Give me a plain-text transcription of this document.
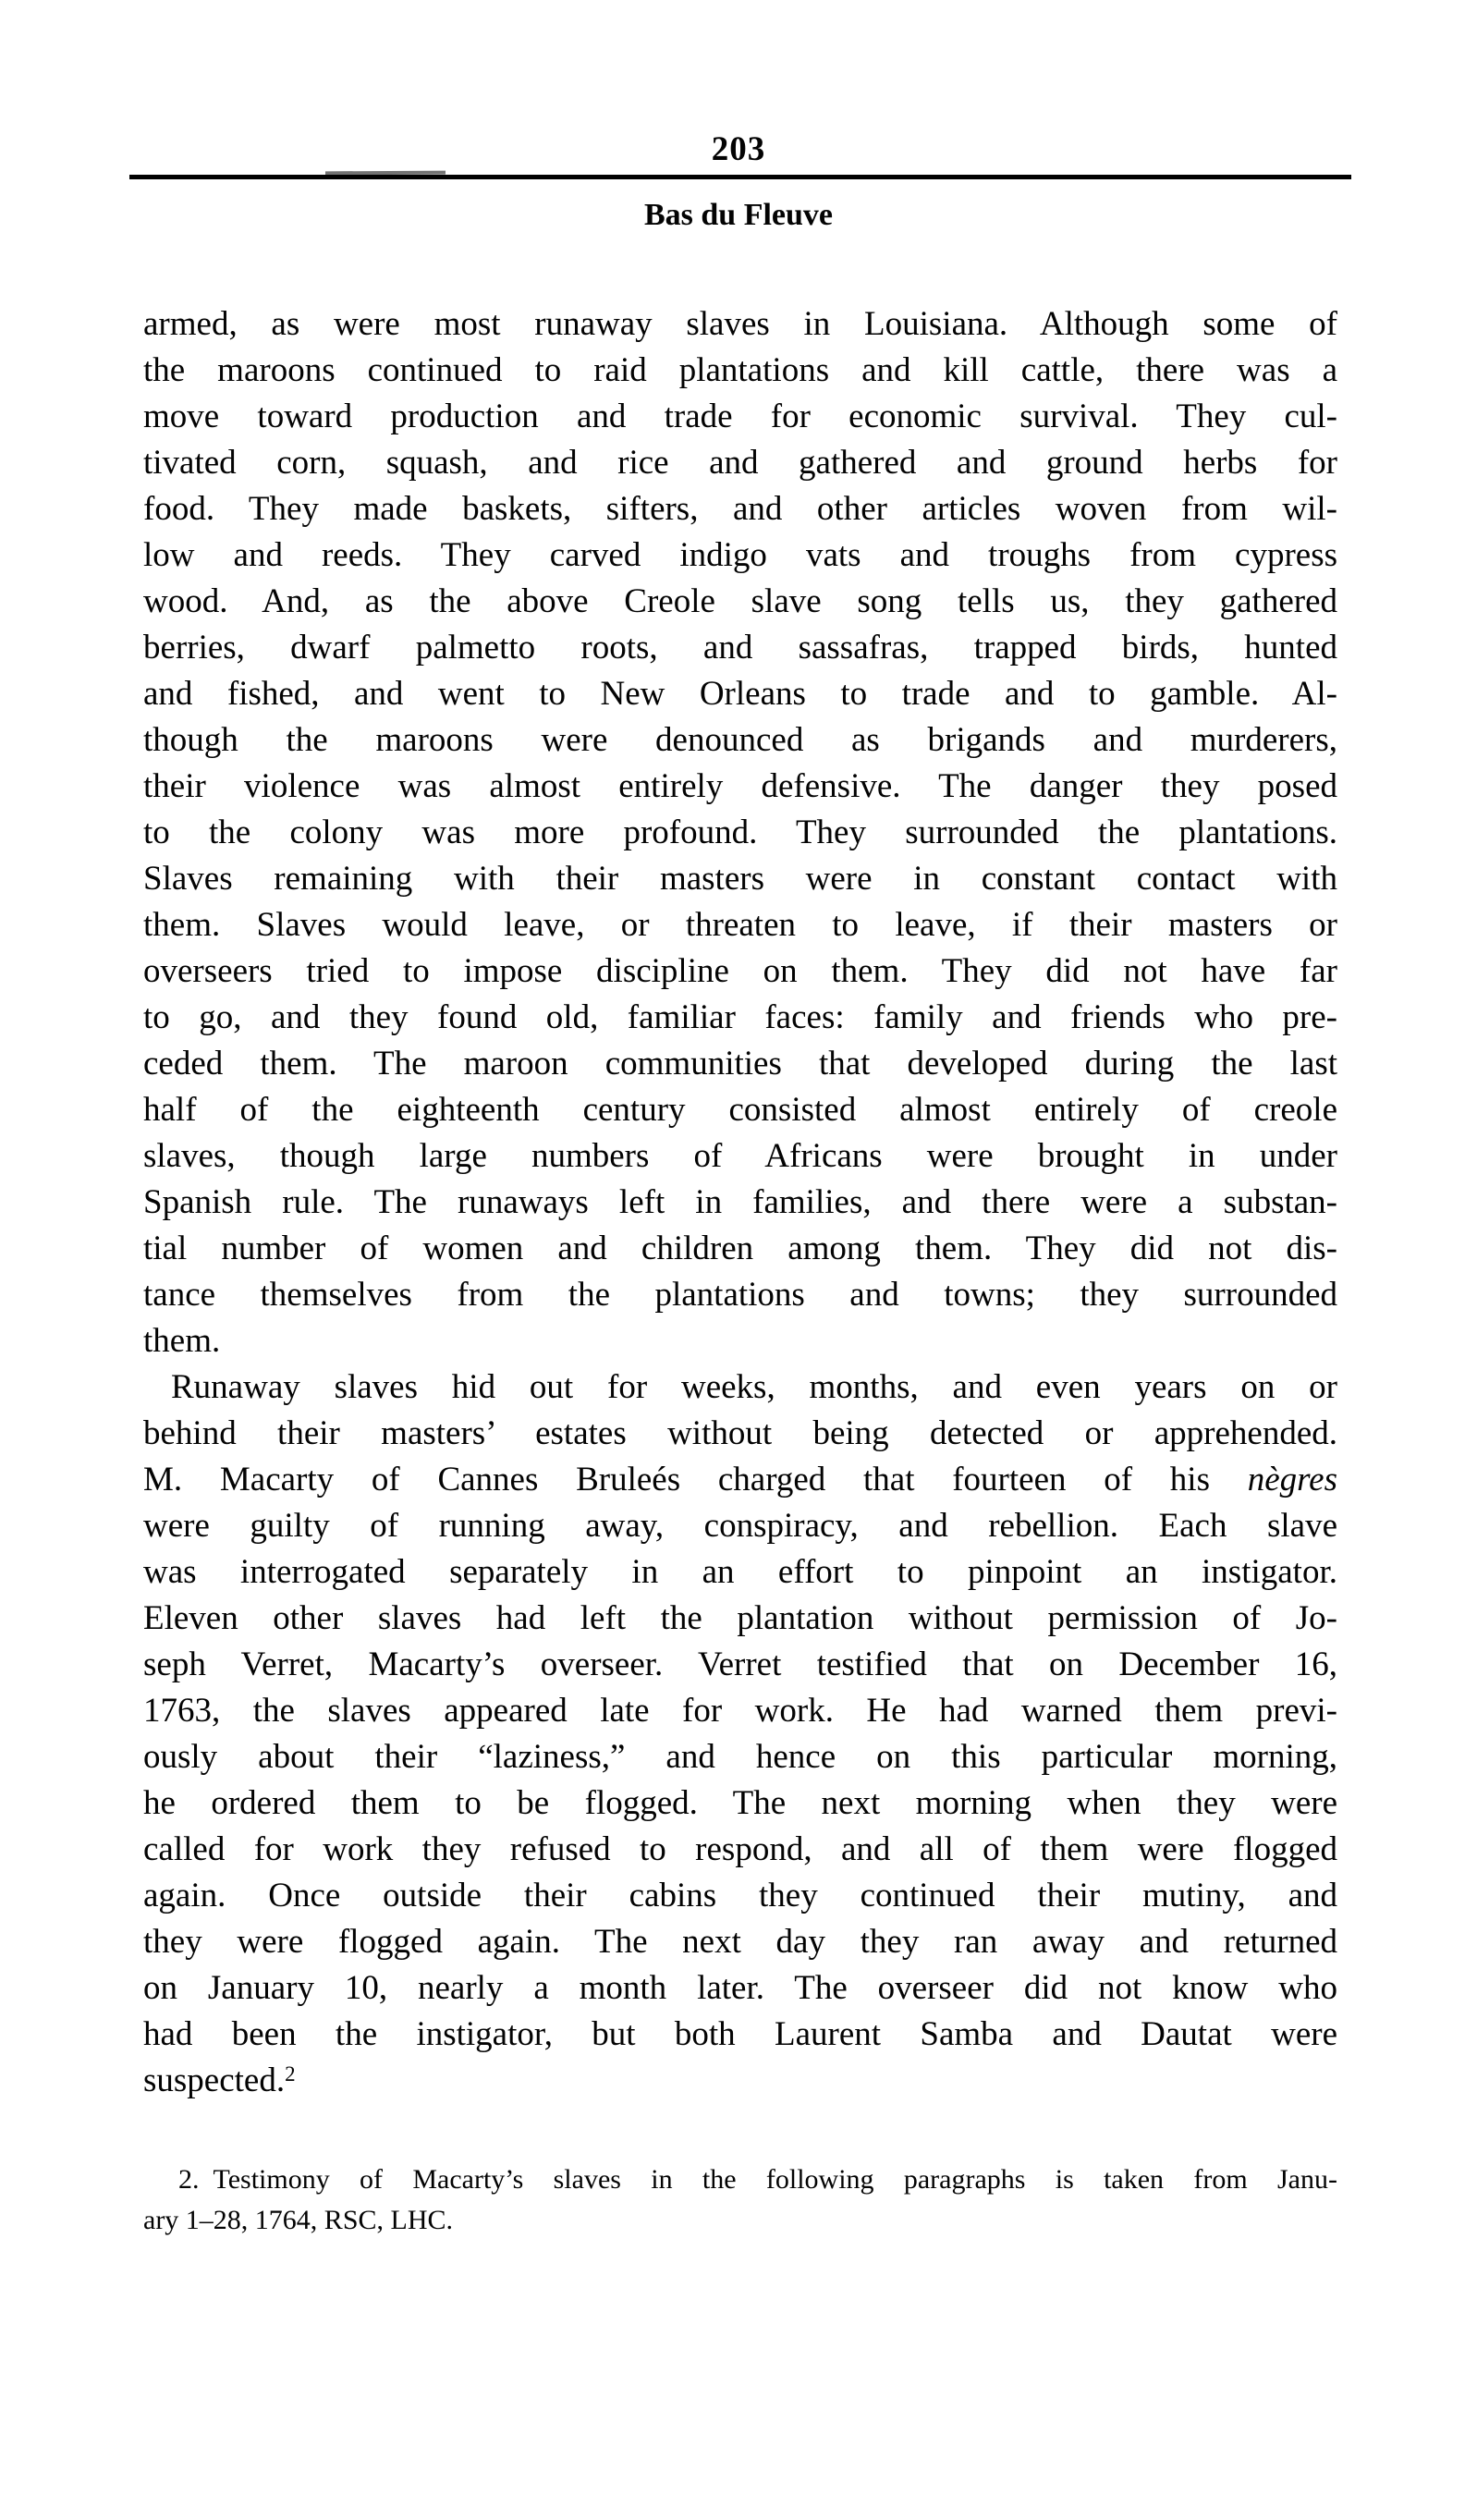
203
Bas du Fleuve
armed, as were most runaway slaves in Louisiana. Although some of
the maroons continued to raid plantations and kill cattle, there was a
move toward production and trade for economic survival. They cul-
tivated corn, squash, and rice and gathered and ground herbs for
food. They made baskets, sifters, and other articles woven from wil-
low and reeds. They carved indigo vats and troughs from cypress
wood. And, as the above Creole slave song tells us, they gathered
berries, dwarf palmetto roots, and sassafras, trapped birds, hunted
and fished, and went to New Orleans to trade and to gamble. Al-
though the maroons were denounced as brigands and murderers,
their violence was almost entirely defensive. The danger they posed
to the colony was more profound. They surrounded the plantations.
Slaves remaining with their masters were in constant contact with
them. Slaves would leave, or threaten to leave, if their masters or
overseers tried to impose discipline on them. They did not have far
to go, and they found old, familiar faces: family and friends who pre-
ceded them. The maroon communities that developed during the last
half of the eighteenth century consisted almost entirely of creole
slaves, though large numbers of Africans were brought in under
Spanish rule. The runaways left in families, and there were a substan-
tial number of women and children among them. They did not dis-
tance themselves from the plantations and towns; they surrounded
them.
Runaway slaves hid out for weeks, months, and even years on or
behind their masters’ estates without being detected or apprehended.
M. Macarty of Cannes Bruleés charged that fourteen of his nègres
were guilty of running away, conspiracy, and rebellion. Each slave
was interrogated separately in an effort to pinpoint an instigator.
Eleven other slaves had left the plantation without permission of Jo-
seph Verret, Macarty’s overseer. Verret testified that on December 16,
1763, the slaves appeared late for work. He had warned them previ-
ously about their “laziness,” and hence on this particular morning,
he ordered them to be flogged. The next morning when they were
called for work they refused to respond, and all of them were flogged
again. Once outside their cabins they continued their mutiny, and
they were flogged again. The next day they ran away and returned
on January 10, nearly a month later. The overseer did not know who
had been the instigator, but both Laurent Samba and Dautat were
suspected.$^2$
2. Testimony of Macarty’s slaves in the following paragraphs is taken from Janu-
ary 1–28, 1764, RSC, LHC.
